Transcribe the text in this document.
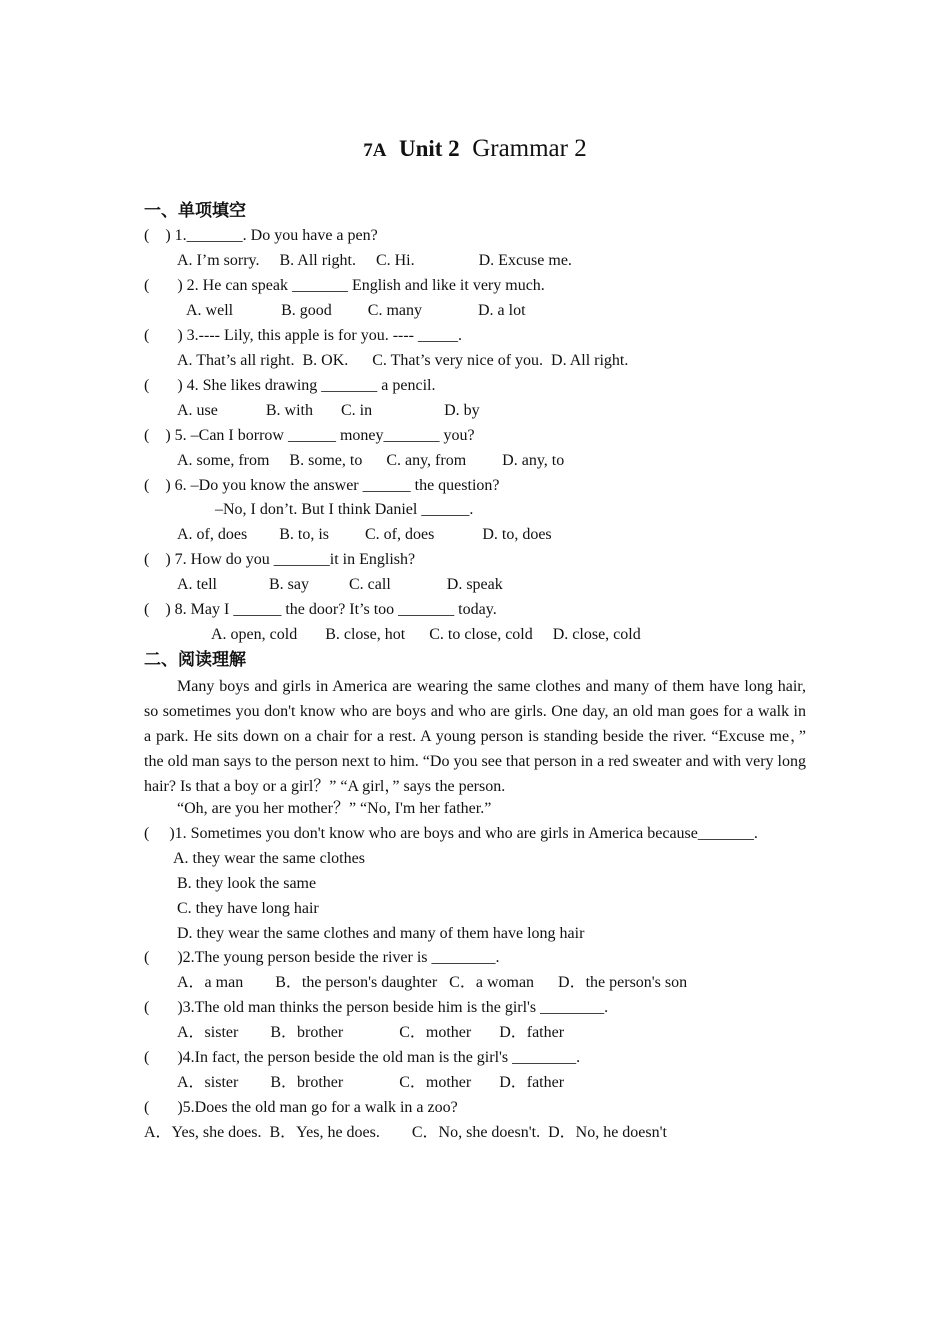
7A Unit 2 Grammar 2
一、单项填空
(    ) 1._______. Do you have a pen?
A. I’m sorry.     B. All right.     C. Hi.                D. Excuse me.
(       ) 2. He can speak _______ English and like it very much.
A. well            B. good         C. many              D. a lot
(       ) 3.---- Lily, this apple is for you. ---- _____.
A. That’s all right.  B. OK.      C. That’s very nice of you.  D. All right.
(       ) 4. She likes drawing _______ a pencil.
A. use            B. with       C. in                  D. by
(    ) 5. –Can I borrow ______ money_______ you?
A. some, from     B. some, to      C. any, from         D. any, to
(    ) 6. –Do you know the answer ______ the question?
–No, I don’t. But I think Daniel ______.
A. of, does        B. to, is         C. of, does            D. to, does
(    ) 7. How do you _______it in English?
A. tell             B. say          C. call              D. speak
(    ) 8. May I ______ the door? It’s too _______ today.
A. open, cold       B. close, hot      C. to close, cold     D. close, cold
二、阅读理解
Many boys and girls in America are wearing the same clothes and many of them have long hair, so sometimes you don't know who are boys and who are girls. One day, an old man goes for a walk in a park. He sits down on a chair for a rest. A young person is standing beside the river. “Excuse me，” the old man says to the person next to him. “Do you see that person in a red sweater and with very long hair? Is that a boy or a girl？” “A girl，” says the person.
“Oh, are you her mother？” “No, I'm her father.”
(     )1. Sometimes you don't know who are boys and who are girls in America because_______.
A. they wear the same clothes
B. they look the same
C. they have long hair
D. they wear the same clothes and many of them have long hair
(       )2.The young person beside the river is ________.
A．a man        B．the person's daughter   C．a woman      D．the person's son
(       )3.The old man thinks the person beside him is the girl's ________.
A．sister        B．brother              C．mother       D．father
(       )4.In fact, the person beside the old man is the girl's ________.
A．sister        B．brother              C．mother       D．father
(       )5.Does the old man go for a walk in a zoo?
A．Yes, she does.  B．Yes, he does.        C．No, she doesn't.  D．No, he doesn't
